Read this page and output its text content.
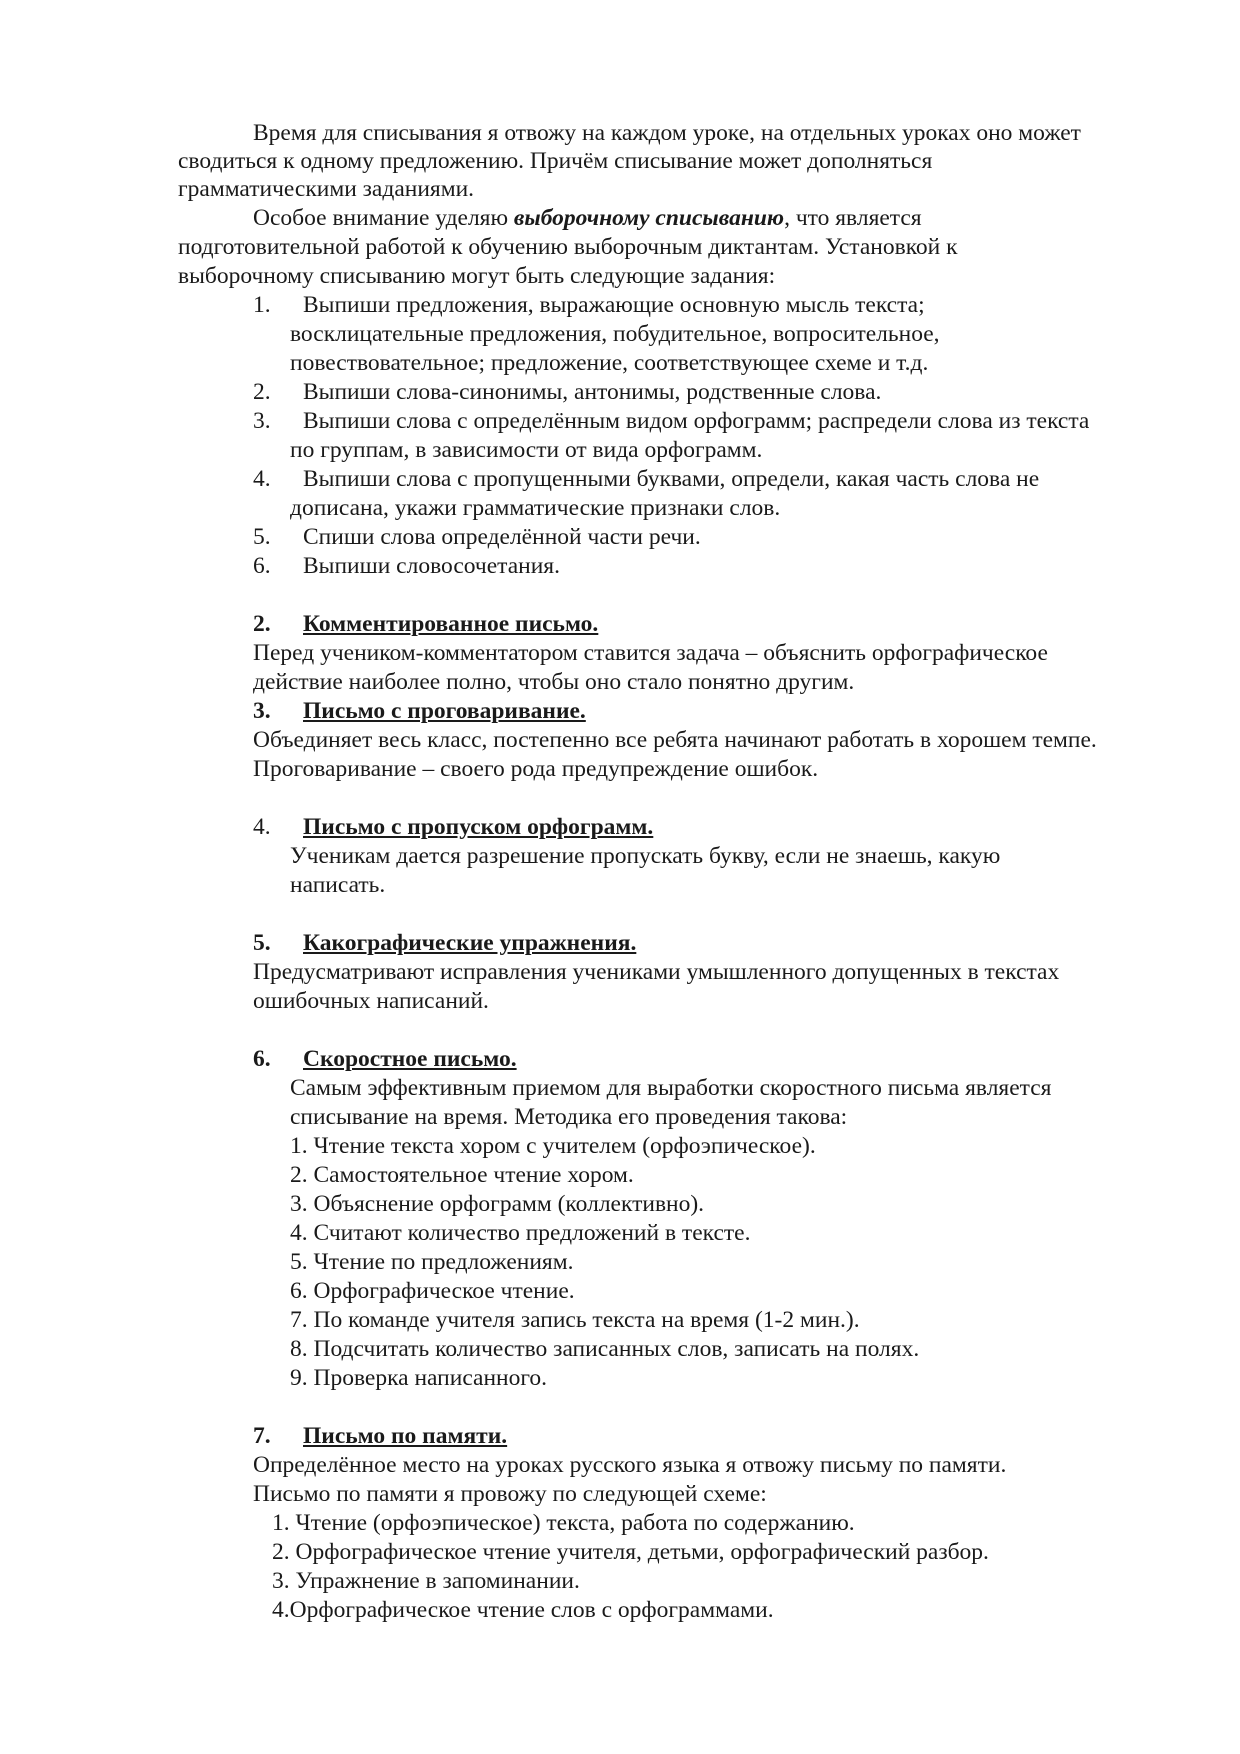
Время для списывания я отвожу на каждом уроке, на отдельных уроках оно может
сводиться к одному предложению. Причём списывание может дополняться
грамматическими заданиями.
Особое внимание уделяю выборочному списыванию, что является
подготовительной работой к обучению выборочным диктантам. Установкой к
выборочному списыванию могут быть следующие задания:
1. Выпиши предложения, выражающие основную мысль текста;
восклицательные предложения, побудительное, вопросительное,
повествовательное; предложение, соответствующее схеме и т.д.
2. Выпиши слова-синонимы, антонимы, родственные слова.
3. Выпиши слова с определённым видом орфограмм; распредели слова из текста
по группам, в зависимости от вида орфограмм.
4. Выпиши слова с пропущенными буквами, определи, какая часть слова не
дописана, укажи грамматические признаки слов.
5. Спиши слова определённой части речи.
6. Выпиши словосочетания.
2. Комментированное письмо.
Перед учеником-комментатором ставится задача – объяснить орфографическое
действие наиболее полно, чтобы оно стало понятно другим.
3. Письмо с проговаривание.
Объединяет весь класс, постепенно все ребята начинают работать в хорошем темпе.
Проговаривание – своего рода предупреждение ошибок.
4. Письмо с пропуском орфограмм.
Ученикам дается разрешение пропускать букву, если не знаешь, какую
написать.
5. Какографические упражнения.
Предусматривают исправления учениками умышленного допущенных в текстах
ошибочных написаний.
6. Скоростное письмо.
Самым эффективным приемом для выработки скоростного письма является
списывание на время. Методика его проведения такова:
1. Чтение текста хором с учителем (орфоэпическое).
2. Самостоятельное чтение хором.
3. Объяснение орфограмм (коллективно).
4. Считают количество предложений в тексте.
5. Чтение по предложениям.
6. Орфографическое чтение.
7. По команде учителя запись текста на время (1-2 мин.).
8. Подсчитать количество записанных слов, записать на полях.
9. Проверка написанного.
7. Письмо по памяти.
Определённое место на уроках русского языка я отвожу письму по памяти.
Письмо по памяти я провожу по следующей схеме:
1. Чтение (орфоэпическое) текста, работа по содержанию.
2. Орфографическое чтение учителя, детьми, орфографический разбор.
3. Упражнение в запоминании.
4.Орфографическое чтение слов с орфограммами.
